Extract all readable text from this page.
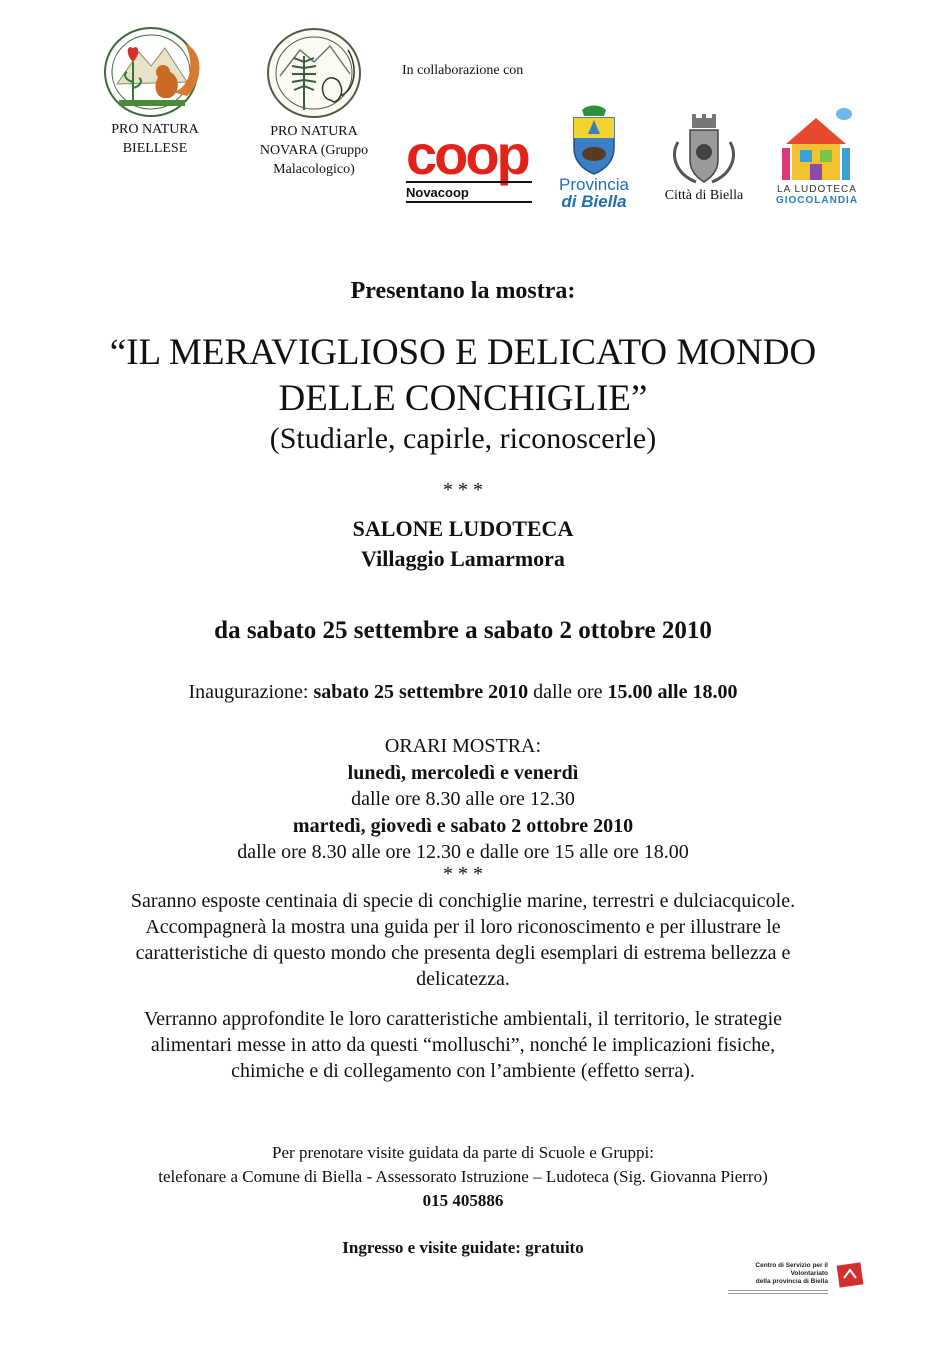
PRO NATURA
BIELLESE
PRO NATURA
NOVARA (Gruppo
Malacologico)
In collaborazione con
coop
Novacoop	Provincia
di Biella	Città di Biella	LA LUDOTECA
GIOCOLANDIA
Presentano la mostra:
“IL MERAVIGLIOSO E DELICATO MONDO
DELLE CONCHIGLIE”
(Studiarle, capirle, riconoscerle)
* * *
SALONE LUDOTECA
Villaggio Lamarmora
da sabato 25 settembre a sabato 2 ottobre 2010
Inaugurazione: sabato 25 settembre 2010 dalle ore 15.00 alle 18.00
ORARI MOSTRA:
lunedì, mercoledì e venerdì
dalle ore 8.30 alle ore 12.30
martedì, giovedì e sabato 2 ottobre 2010
dalle ore 8.30 alle ore 12.30 e dalle ore 15 alle ore 18.00
* * *
Saranno esposte centinaia di specie di conchiglie marine, terrestri e dulciacquicole.
Accompagnerà la mostra una guida per il loro riconoscimento e per illustrare le
caratteristiche di questo mondo che presenta degli esemplari di estrema bellezza e
delicatezza.
Verranno approfondite le loro caratteristiche ambientali, il territorio, le strategie
alimentari messe in atto da questi “molluschi”, nonché le implicazioni fisiche,
chimiche e di collegamento con l’ambiente (effetto serra).
Per prenotare visite guidata da parte di Scuole e Gruppi:
telefonare a Comune di Biella - Assessorato Istruzione – Ludoteca (Sig. Giovanna Pierro)
015 405886
Ingresso e visite guidate: gratuito
Centro di Servizio per il Volontariato
della provincia di Biella
